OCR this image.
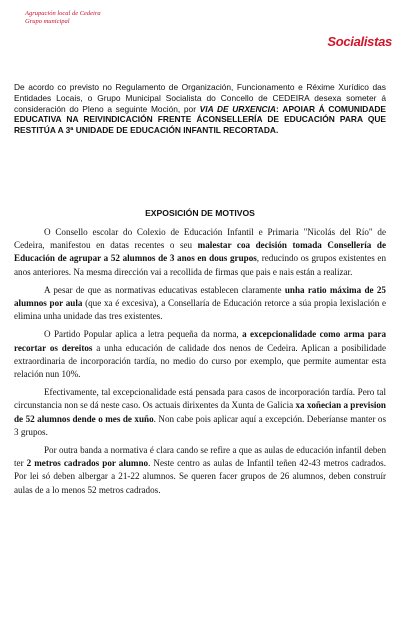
Agrupación local de Cedeira
Grupo municipal
Socialistas
De acordo co previsto no Regulamento de Organización, Funcionamento e Réxime Xurídico das Entidades Locais, o Grupo Municipal Socialista do Concello de CEDEIRA desexa someter á consideración do Pleno a seguinte Moción, por VIA DE URXENCIA: APOIAR Á COMUNIDADE EDUCATIVA NA REIVINDICACIÓN FRENTE ÁCONSELLERÍA DE EDUCACIÓN PARA QUE RESTITÚA A 3ª UNIDADE DE EDUCACIÓN INFANTIL RECORTADA.
EXPOSICIÓN DE MOTIVOS

O Consello escolar do Colexio de Educación Infantil e Primaria "Nicolás del Río" de Cedeira, manifestou en datas recentes o seu malestar coa decisión tomada Consellería de Educación de agrupar a 52 alumnos de 3 anos en dous grupos, reducindo os grupos existentes en anos anteriores. Na mesma dirección vai a recollida de firmas que pais e nais están a realizar.

A pesar de que as normativas educativas establecen claramente unha ratio máxima de 25 alumnos por aula (que xa é excesiva), a Consellaría de Educación retorce a súa propia lexislación e elimina unha unidade das tres existentes.

O Partido Popular aplica a letra pequeña da norma, a excepcionalidade como arma para recortar os dereitos a unha educación de calidade dos nenos de Cedeira. Aplican a posibilidade extraordinaria de incorporación tardía, no medio do curso por exemplo, que permite aumentar esta relación nun 10%.

Efectivamente, tal excepcionalidade está pensada para casos de incorporación tardía. Pero tal circunstancia non se dá neste caso. Os actuais dirixentes da Xunta de Galicia xa xoñecian a prevision de 52 alumnos dende o mes de xuño. Non cabe pois aplicar aquí a excepción. Deberíanse manter os 3 grupos.

Por outra banda a normativa é clara cando se refire a que as aulas de educación infantil deben ter 2 metros cadrados por alumno. Neste centro as aulas de Infantil teñen 42-43 metros cadrados. Por lei só deben albergar a 21-22 alumnos. Se queren facer grupos de 26 alumnos, deben construír aulas de a lo menos 52 metros cadrados.
